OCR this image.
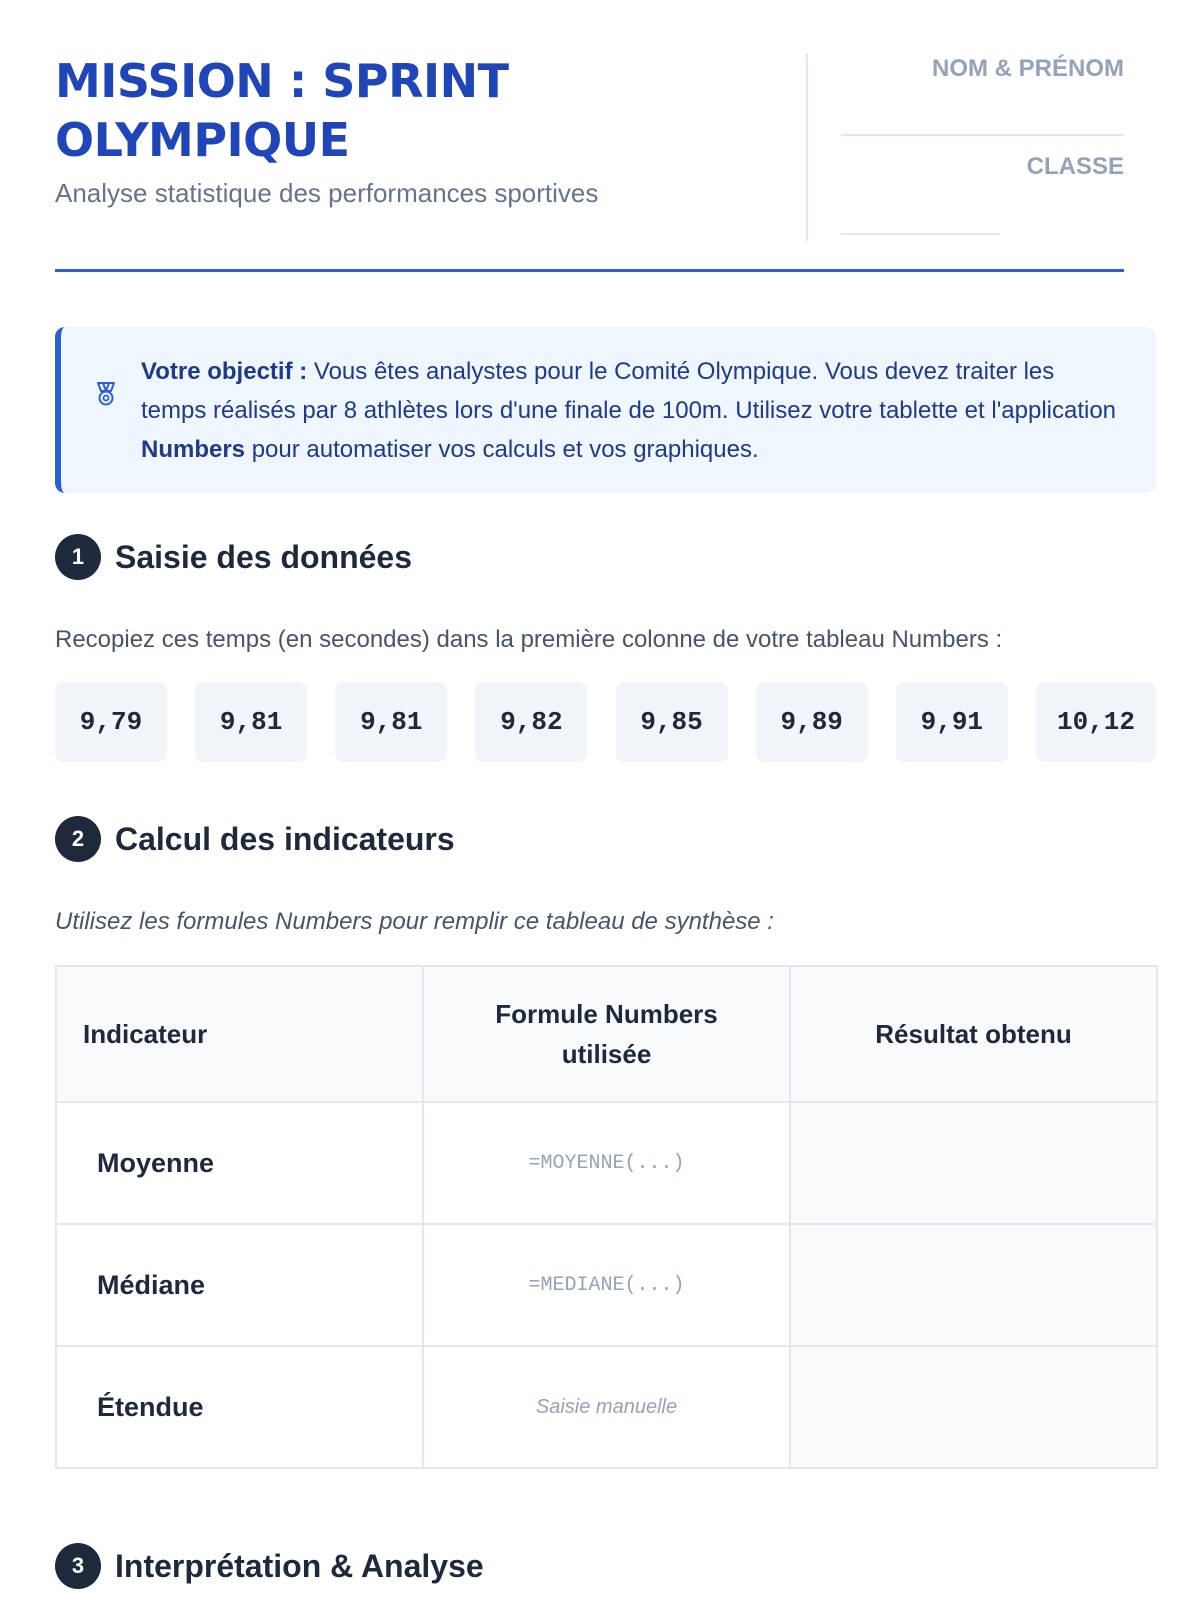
MISSION : SPRINT
OLYMPIQUE
Analyse statistique des performances sportives
NOM & PRÉNOM
CLASSE

Votre objectif : Vous êtes analystes pour le Comité Olympique. Vous devez traiter les temps réalisés par 8 athlètes lors d'une finale de 100m. Utilisez votre tablette et l'application Numbers pour automatiser vos calculs et vos graphiques.

1 Saisie des données
Recopiez ces temps (en secondes) dans la première colonne de votre tableau Numbers :
9,79	9,81	9,81	9,82	9,85	9,89	9,91	10,12
2 Calcul des indicateurs
Utilisez les formules Numbers pour remplir ce tableau de synthèse :
Indicateur	Formule Numbers utilisée	Résultat obtenu
Moyenne	=MOYENNE(...)	
Médiane	=MEDIANE(...)	
Étendue	Saisie manuelle	
3 Interprétation & Analyse
